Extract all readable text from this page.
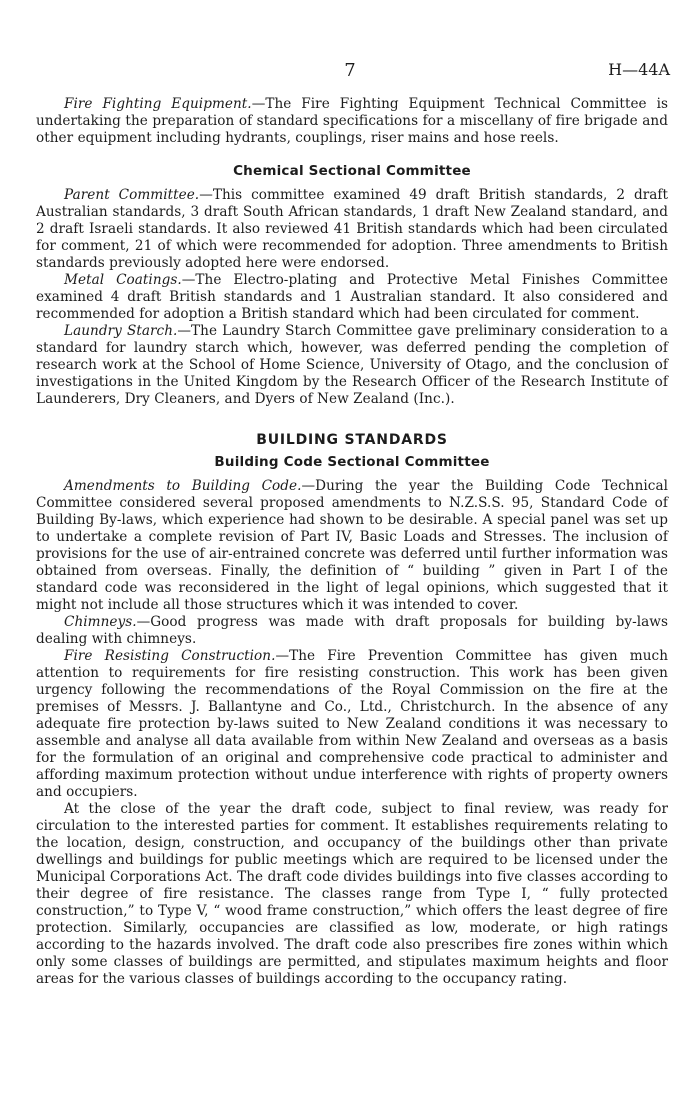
7	H—44A

Fire Fighting Equipment.—The Fire Fighting Equipment Technical Committee is undertaking the preparation of standard specifications for a miscellany of fire brigade and other equipment including hydrants, couplings, riser mains and hose reels.

Chemical Sectional Committee

Parent Committee.—This committee examined 49 draft British standards, 2 draft Australian standards, 3 draft South African standards, 1 draft New Zealand standard, and 2 draft Israeli standards. It also reviewed 41 British standards which had been circulated for comment, 21 of which were recommended for adoption. Three amendments to British standards previously adopted here were endorsed.

Metal Coatings.—The Electro-plating and Protective Metal Finishes Committee examined 4 draft British standards and 1 Australian standard. It also considered and recommended for adoption a British standard which had been circulated for comment.

Laundry Starch.—The Laundry Starch Committee gave preliminary consideration to a standard for laundry starch which, however, was deferred pending the completion of research work at the School of Home Science, University of Otago, and the conclusion of investigations in the United Kingdom by the Research Officer of the Research Institute of Launderers, Dry Cleaners, and Dyers of New Zealand (Inc.).

BUILDING STANDARDS
Building Code Sectional Committee

Amendments to Building Code.—During the year the Building Code Technical Committee considered several proposed amendments to N.Z.S.S. 95, Standard Code of Building By-laws, which experience had shown to be desirable. A special panel was set up to undertake a complete revision of Part IV, Basic Loads and Stresses. The inclusion of provisions for the use of air-entrained concrete was deferred until further information was obtained from overseas. Finally, the definition of “ building ” given in Part I of the standard code was reconsidered in the light of legal opinions, which suggested that it might not include all those structures which it was intended to cover.

Chimneys.—Good progress was made with draft proposals for building by-laws dealing with chimneys.

Fire Resisting Construction.—The Fire Prevention Committee has given much attention to requirements for fire resisting construction. This work has been given urgency following the recommendations of the Royal Commission on the fire at the premises of Messrs. J. Ballantyne and Co., Ltd., Christchurch. In the absence of any adequate fire protection by-laws suited to New Zealand conditions it was necessary to assemble and analyse all data available from within New Zealand and overseas as a basis for the formulation of an original and comprehensive code practical to administer and affording maximum protection without undue interference with rights of property owners and occupiers.

At the close of the year the draft code, subject to final review, was ready for circulation to the interested parties for comment. It establishes requirements relating to the location, design, construction, and occupancy of the buildings other than private dwellings and buildings for public meetings which are required to be licensed under the Municipal Corporations Act. The draft code divides buildings into five classes according to their degree of fire resistance. The classes range from Type I, “ fully protected construction,” to Type V, “ wood frame construction,” which offers the least degree of fire protection. Similarly, occupancies are classified as low, moderate, or high ratings according to the hazards involved. The draft code also prescribes fire zones within which only some classes of buildings are permitted, and stipulates maximum heights and floor areas for the various classes of buildings according to the occupancy rating.
